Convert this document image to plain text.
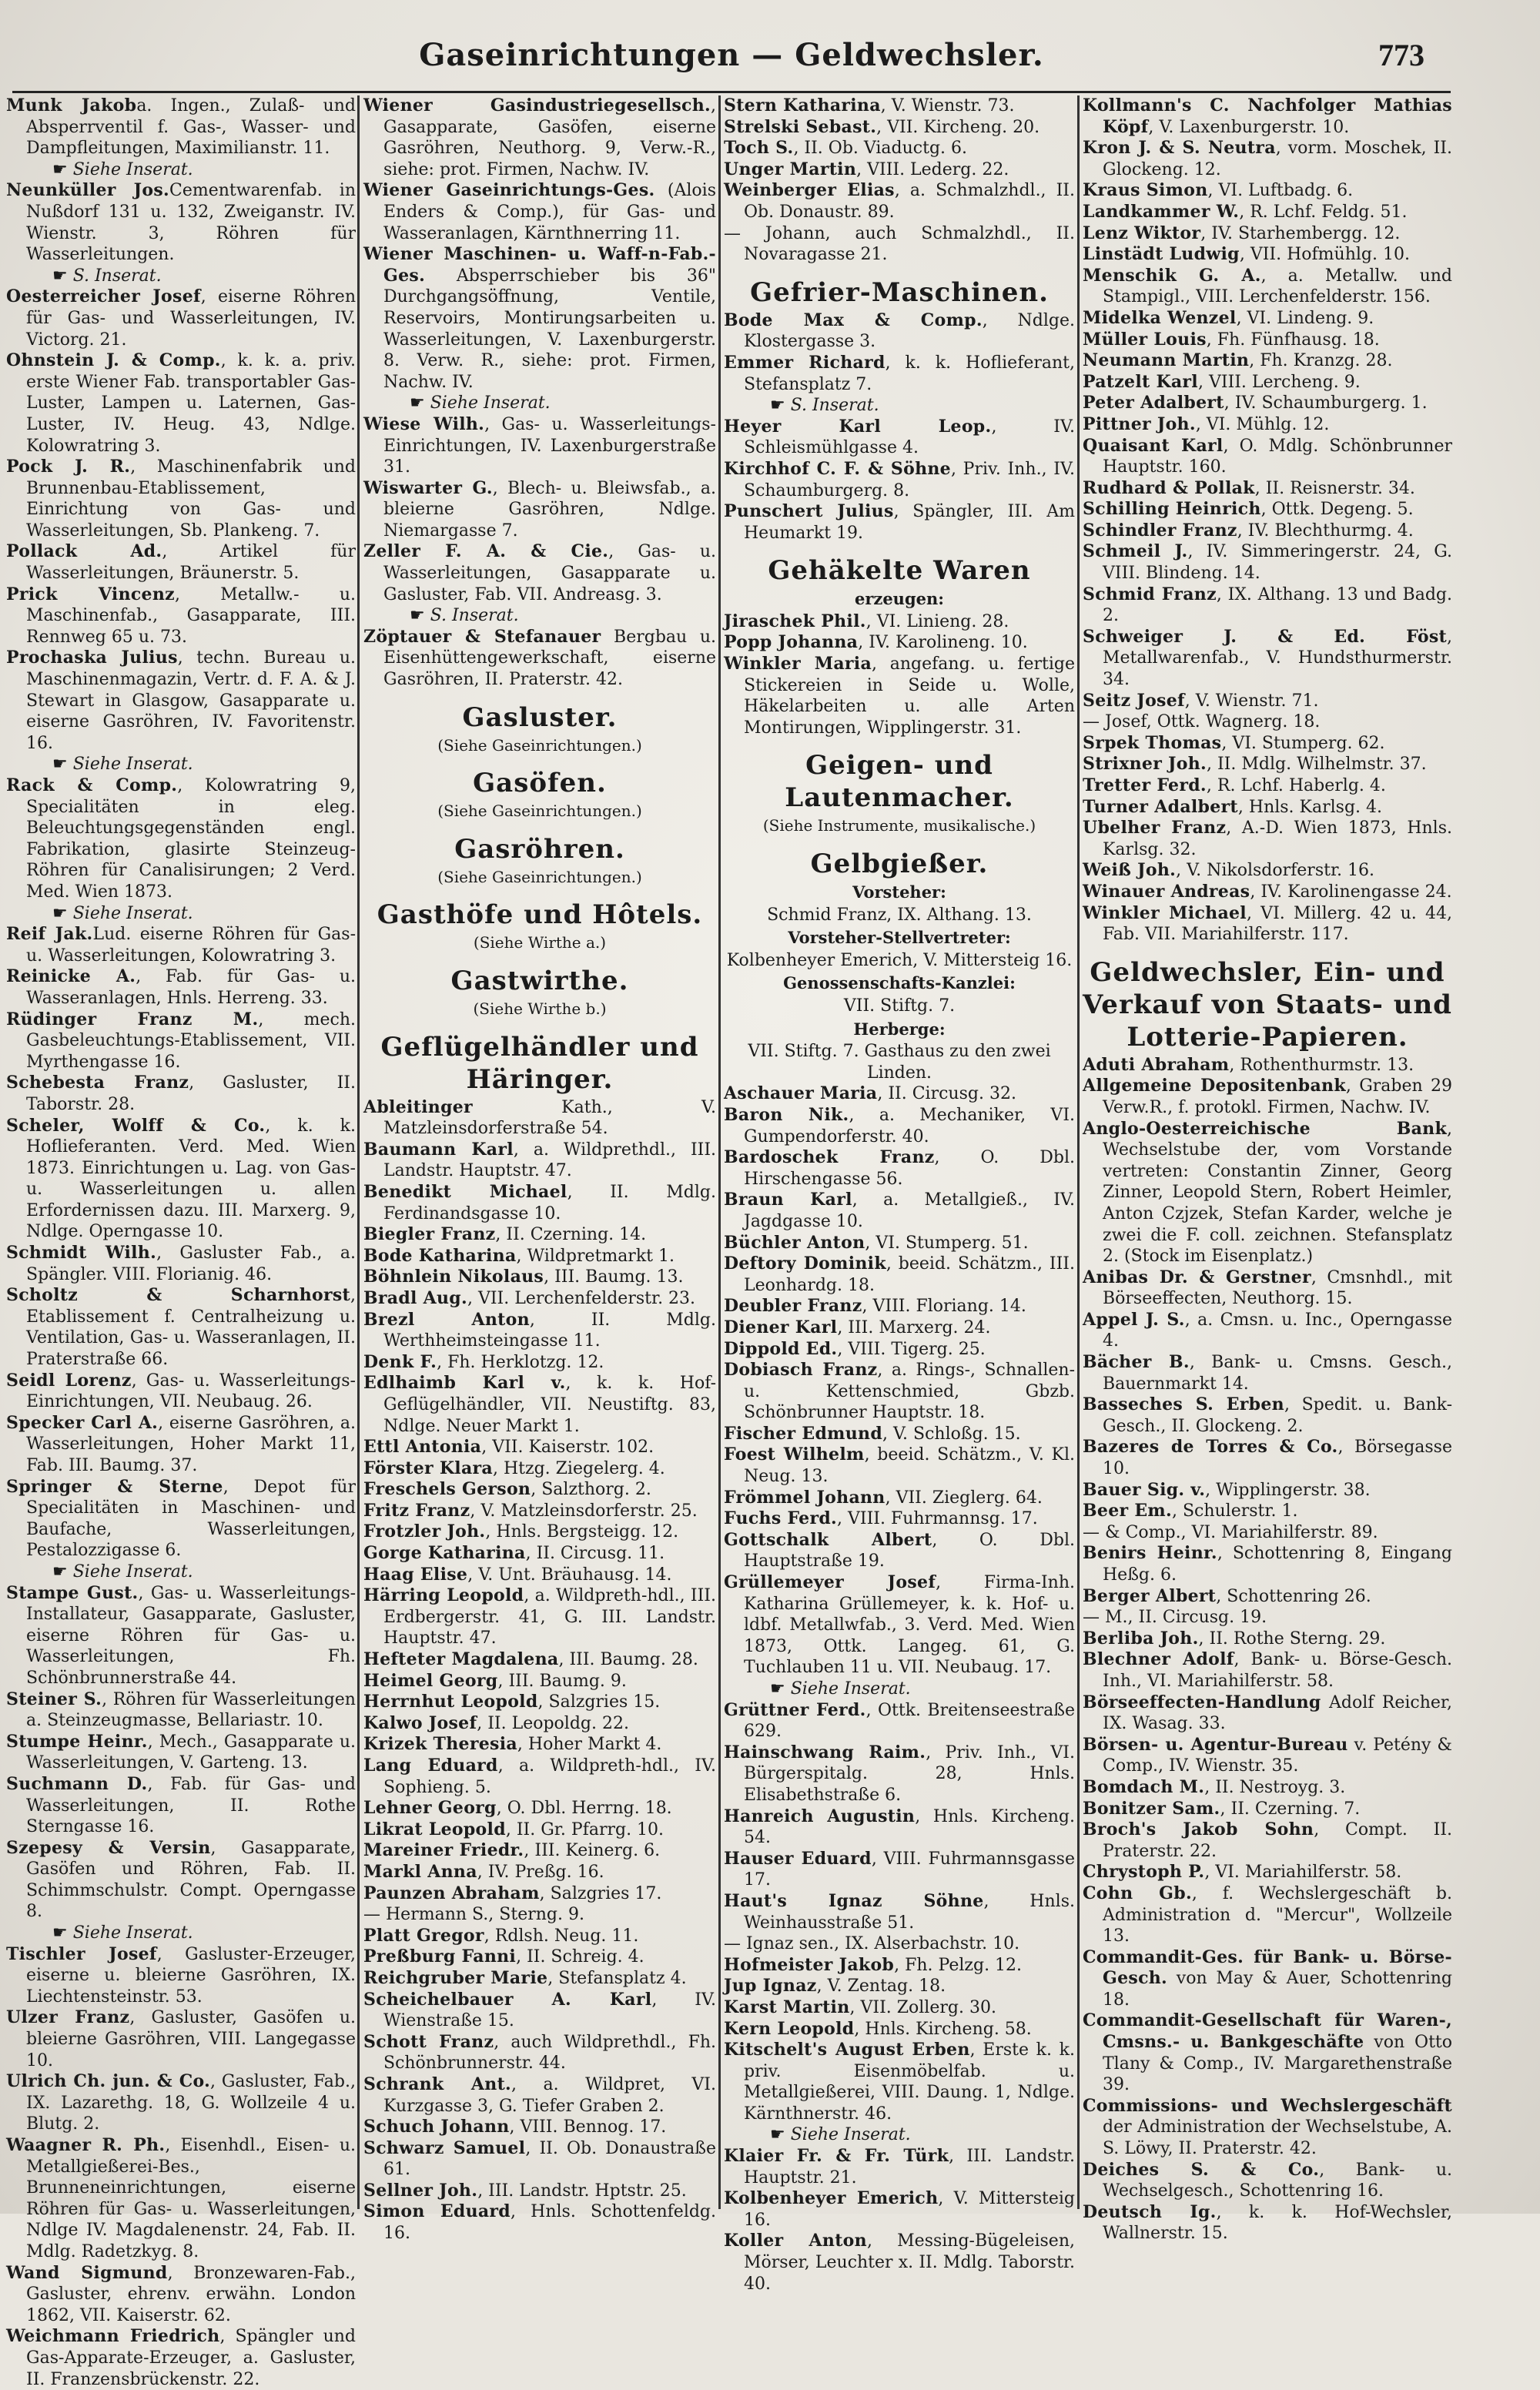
Gaseinrichtungen — Geldwechsler.	773

Munk Jakoba. Ingen., Zulaß- und Absperrventil f. Gas-, Wasser- und Dampfleitungen, Maximilianstr. 11.

☛ Siehe Inserat.

Neunküller Jos.Cementwarenfab. in Nußdorf 131 u. 132, Zweiganstr. IV. Wienstr. 3, Röhren für Wasserleitungen.

☛ S. Inserat.

Oesterreicher Josef, eiserne Röhren für Gas- und Wasserleitungen, IV. Victorg. 21.

Ohnstein J. & Comp., k. k. a. priv. erste Wiener Fab. transportabler Gas-Luster, Lampen u. Laternen, Gas-Luster, IV. Heug. 43, Ndlge. Kolowratring 3.

Pock J. R., Maschinenfabrik und Brunnenbau-Etablissement, Einrichtung von Gas- und Wasserleitungen, Sb. Plankeng. 7.

Pollack Ad., Artikel für Wasserleitungen, Bräunerstr. 5.

Prick Vincenz, Metallw.- u. Maschinenfab., Gasapparate, III. Rennweg 65 u. 73.

Prochaska Julius, techn. Bureau u. Maschinenmagazin, Vertr. d. F. A. & J. Stewart in Glasgow, Gasapparate u. eiserne Gasröhren, IV. Favoritenstr. 16.

☛ Siehe Inserat.

Rack & Comp., Kolowratring 9, Specialitäten in eleg. Beleuchtungsgegenständen engl. Fabrikation, glasirte Steinzeug-Röhren für Canalisirungen; 2 Verd. Med. Wien 1873.

☛ Siehe Inserat.

Reif Jak.Lud. eiserne Röhren für Gas- u. Wasserleitungen, Kolowratring 3.

Reinicke A., Fab. für Gas- u. Wasseranlagen, Hnls. Herreng. 33.

Rüdinger Franz M., mech. Gasbeleuchtungs-Etablissement, VII. Myrthengasse 16.

Schebesta Franz, Gasluster, II. Taborstr. 28.

Scheler, Wolff & Co., k. k. Hoflieferanten. Verd. Med. Wien 1873. Einrichtungen u. Lag. von Gas- u. Wasserleitungen u. allen Erfordernissen dazu. III. Marxerg. 9, Ndlge. Operngasse 10.

Schmidt Wilh., Gasluster Fab., a. Spängler. VIII. Florianig. 46.

Scholtz & Scharnhorst, Etablissement f. Centralheizung u. Ventilation, Gas- u. Wasseranlagen, II. Praterstraße 66.

Seidl Lorenz, Gas- u. Wasserleitungs-Einrichtungen, VII. Neubaug. 26.

Specker Carl A., eiserne Gasröhren, a. Wasserleitungen, Hoher Markt 11, Fab. III. Baumg. 37.

Springer & Sterne, Depot für Specialitäten in Maschinen- und Baufache, Wasserleitungen, Pestalozzigasse 6.

☛ Siehe Inserat.

Stampe Gust., Gas- u. Wasserleitungs-Installateur, Gasapparate, Gasluster, eiserne Röhren für Gas- u. Wasserleitungen, Fh. Schönbrunnerstraße 44.

Steiner S., Röhren für Wasserleitungen a. Steinzeugmasse, Bellariastr. 10.

Stumpe Heinr., Mech., Gasapparate u. Wasserleitungen, V. Garteng. 13.

Suchmann D., Fab. für Gas- und Wasserleitungen, II. Rothe Sterngasse 16.

Szepesy & Versin, Gasapparate, Gasöfen und Röhren, Fab. II. Schimmschulstr. Compt. Operngasse 8.

☛ Siehe Inserat.

Tischler Josef, Gasluster-Erzeuger, eiserne u. bleierne Gasröhren, IX. Liechtensteinstr. 53.

Ulzer Franz, Gasluster, Gasöfen u. bleierne Gasröhren, VIII. Langegasse 10.

Ulrich Ch. jun. & Co., Gasluster, Fab., IX. Lazarethg. 18, G. Wollzeile 4 u. Blutg. 2.

Waagner R. Ph., Eisenhdl., Eisen- u. Metallgießerei-Bes., Brunneneinrichtungen, eiserne Röhren für Gas- u. Wasserleitungen, Ndlge IV. Magdalenenstr. 24, Fab. II. Mdlg. Radetzkyg. 8.

Wand Sigmund, Bronzewaren-Fab., Gasluster, ehrenv. erwähn. London 1862, VII. Kaiserstr. 62.

Weichmann Friedrich, Spängler und Gas-Apparate-Erzeuger, a. Gasluster, II. Franzensbrückenstr. 22.

Wiener Gasindustriegesellsch., Gasapparate, Gasöfen, eiserne Gasröhren, Neuthorg. 9, Verw.-R., siehe: prot. Firmen, Nachw. IV.

Wiener Gaseinrichtungs-Ges. (Alois Enders & Comp.), für Gas- und Wasseranlagen, Kärnthnerring 11.

Wiener Maschinen- u. Waff-n-Fab.-Ges. Absperrschieber bis 36" Durchgangsöffnung, Ventile, Reservoirs, Montirungsarbeiten u. Wasserleitungen, V. Laxenburgerstr. 8. Verw. R., siehe: prot. Firmen, Nachw. IV.

☛ Siehe Inserat.

Wiese Wilh., Gas- u. Wasserleitungs-Einrichtungen, IV. Laxenburgerstraße 31.

Wiswarter G., Blech- u. Bleiwsfab., a. bleierne Gasröhren, Ndlge. Niemargasse 7.

Zeller F. A. & Cie., Gas- u. Wasserleitungen, Gasapparate u. Gasluster, Fab. VII. Andreasg. 3.

☛ S. Inserat.

Zöptauer & Stefanauer Bergbau u. Eisenhüttengewerkschaft, eiserne Gasröhren, II. Praterstr. 42.

Gasluster.
(Siehe Gaseinrichtungen.)
Gasöfen.
(Siehe Gaseinrichtungen.)
Gasröhren.
(Siehe Gaseinrichtungen.)
Gasthöfe und Hôtels.
(Siehe Wirthe a.)
Gastwirthe.
(Siehe Wirthe b.)
Geflügelhändler und Häringer.

Ableitinger Kath., V. Matzleinsdorferstraße 54.

Baumann Karl, a. Wildprethdl., III. Landstr. Hauptstr. 47.

Benedikt Michael, II. Mdlg. Ferdinandsgasse 10.

Biegler Franz, II. Czerning. 14.

Bode Katharina, Wildpretmarkt 1.

Böhnlein Nikolaus, III. Baumg. 13.

Bradl Aug., VII. Lerchenfelderstr. 23.

Brezl Anton, II. Mdlg. Werthheimsteingasse 11.

Denk F., Fh. Herklotzg. 12.

Edlhaimb Karl v., k. k. Hof-Geflügelhändler, VII. Neustiftg. 83, Ndlge. Neuer Markt 1.

Ettl Antonia, VII. Kaiserstr. 102.

Förster Klara, Htzg. Ziegelerg. 4.

Freschels Gerson, Salzthorg. 2.

Fritz Franz, V. Matzleinsdorferstr. 25.

Frotzler Joh., Hnls. Bergsteigg. 12.

Gorge Katharina, II. Circusg. 11.

Haag Elise, V. Unt. Bräuhausg. 14.

Härring Leopold, a. Wildpreth-hdl., III. Erdbergerstr. 41, G. III. Landstr. Hauptstr. 47.

Hefteter Magdalena, III. Baumg. 28.

Heimel Georg, III. Baumg. 9.

Herrnhut Leopold, Salzgries 15.

Kalwo Josef, II. Leopoldg. 22.

Krizek Theresia, Hoher Markt 4.

Lang Eduard, a. Wildpreth-hdl., IV. Sophieng. 5.

Lehner Georg, O. Dbl. Herrng. 18.

Likrat Leopold, II. Gr. Pfarrg. 10.

Mareiner Friedr., III. Keinerg. 6.

Markl Anna, IV. Preßg. 16.

Paunzen Abraham, Salzgries 17.

— Hermann S., Sterng. 9.

Platt Gregor, Rdlsh. Neug. 11.

Preßburg Fanni, II. Schreig. 4.

Reichgruber Marie, Stefansplatz 4.

Scheichelbauer A. Karl, IV. Wienstraße 15.

Schott Franz, auch Wildprethdl., Fh. Schönbrunnerstr. 44.

Schrank Ant., a. Wildpret, VI. Kurzgasse 3, G. Tiefer Graben 2.

Schuch Johann, VIII. Bennog. 17.

Schwarz Samuel, II. Ob. Donaustraße 61.

Sellner Joh., III. Landstr. Hptstr. 25.

Simon Eduard, Hnls. Schottenfeldg. 16.

Stern Katharina, V. Wienstr. 73.

Strelski Sebast., VII. Kircheng. 20.

Toch S., II. Ob. Viaductg. 6.

Unger Martin, VIII. Lederg. 22.

Weinberger Elias, a. Schmalzhdl., II. Ob. Donaustr. 89.

— Johann, auch Schmalzhdl., II. Novaragasse 21.

Gefrier-Maschinen.

Bode Max & Comp., Ndlge. Klostergasse 3.

Emmer Richard, k. k. Hoflieferant, Stefansplatz 7.

☛ S. Inserat.

Heyer Karl Leop., IV. Schleismühlgasse 4.

Kirchhof C. F. & Söhne, Priv. Inh., IV. Schaumburgerg. 8.

Punschert Julius, Spängler, III. Am Heumarkt 19.

Gehäkelte Waren
erzeugen:

Jiraschek Phil., VI. Linieng. 28.

Popp Johanna, IV. Karolineng. 10.

Winkler Maria, angefang. u. fertige Stickereien in Seide u. Wolle, Häkelarbeiten u. alle Arten Montirungen, Wipplingerstr. 31.

Geigen- und Lautenmacher.
(Siehe Instrumente, musikalische.)
Gelbgießer.
Vorsteher:

Schmid Franz, IX. Althang. 13.

Vorsteher-Stellvertreter:

Kolbenheyer Emerich, V. Mittersteig 16.

Genossenschafts-Kanzlei:

VII. Stiftg. 7.

Herberge:

VII. Stiftg. 7. Gasthaus zu den zwei Linden.

Aschauer Maria, II. Circusg. 32.

Baron Nik., a. Mechaniker, VI. Gumpendorferstr. 40.

Bardoschek Franz, O. Dbl. Hirschengasse 56.

Braun Karl, a. Metallgieß., IV. Jagdgasse 10.

Büchler Anton, VI. Stumperg. 51.

Deftory Dominik, beeid. Schätzm., III. Leonhardg. 18.

Deubler Franz, VIII. Floriang. 14.

Diener Karl, III. Marxerg. 24.

Dippold Ed., VIII. Tigerg. 25.

Dobiasch Franz, a. Rings-, Schnallen- u. Kettenschmied, Gbzb. Schönbrunner Hauptstr. 18.

Fischer Edmund, V. Schloßg. 15.

Foest Wilhelm, beeid. Schätzm., V. Kl. Neug. 13.

Frömmel Johann, VII. Zieglerg. 64.

Fuchs Ferd., VIII. Fuhrmannsg. 17.

Gottschalk Albert, O. Dbl. Hauptstraße 19.

Grüllemeyer Josef, Firma-Inh. Katharina Grüllemeyer, k. k. Hof- u. ldbf. Metallwfab., 3. Verd. Med. Wien 1873, Ottk. Langeg. 61, G. Tuchlauben 11 u. VII. Neubaug. 17.

☛ Siehe Inserat.

Grüttner Ferd., Ottk. Breitenseestraße 629.

Hainschwang Raim., Priv. Inh., VI. Bürgerspitalg. 28, Hnls. Elisabethstraße 6.

Hanreich Augustin, Hnls. Kircheng. 54.

Hauser Eduard, VIII. Fuhrmannsgasse 17.

Haut's Ignaz Söhne, Hnls. Weinhausstraße 51.

— Ignaz sen., IX. Alserbachstr. 10.

Hofmeister Jakob, Fh. Pelzg. 12.

Jup Ignaz, V. Zentag. 18.

Karst Martin, VII. Zollerg. 30.

Kern Leopold, Hnls. Kircheng. 58.

Kitschelt's August Erben, Erste k. k. priv. Eisenmöbelfab. u. Metallgießerei, VIII. Daung. 1, Ndlge. Kärnthnerstr. 46.

☛ Siehe Inserat.

Klaier Fr. & Fr. Türk, III. Landstr. Hauptstr. 21.

Kolbenheyer Emerich, V. Mittersteig 16.

Koller Anton, Messing-Bügeleisen, Mörser, Leuchter x. II. Mdlg. Taborstr. 40.

Kollmann's C. Nachfolger Mathias Köpf, V. Laxenburgerstr. 10.

Kron J. & S. Neutra, vorm. Moschek, II. Glockeng. 12.

Kraus Simon, VI. Luftbadg. 6.

Landkammer W., R. Lchf. Feldg. 51.

Lenz Wiktor, IV. Starhembergg. 12.

Linstädt Ludwig, VII. Hofmühlg. 10.

Menschik G. A., a. Metallw. und Stampigl., VIII. Lerchenfelderstr. 156.

Midelka Wenzel, VI. Lindeng. 9.

Müller Louis, Fh. Fünfhausg. 18.

Neumann Martin, Fh. Kranzg. 28.

Patzelt Karl, VIII. Lercheng. 9.

Peter Adalbert, IV. Schaumburgerg. 1.

Pittner Joh., VI. Mühlg. 12.

Quaisant Karl, O. Mdlg. Schönbrunner Hauptstr. 160.

Rudhard & Pollak, II. Reisnerstr. 34.

Schilling Heinrich, Ottk. Degeng. 5.

Schindler Franz, IV. Blechthurmg. 4.

Schmeil J., IV. Simmeringerstr. 24, G. VIII. Blindeng. 14.

Schmid Franz, IX. Althang. 13 und Badg. 2.

Schweiger J. & Ed. Föst, Metallwarenfab., V. Hundsthurmerstr. 34.

Seitz Josef, V. Wienstr. 71.

— Josef, Ottk. Wagnerg. 18.

Srpek Thomas, VI. Stumperg. 62.

Strixner Joh., II. Mdlg. Wilhelmstr. 37.

Tretter Ferd., R. Lchf. Haberlg. 4.

Turner Adalbert, Hnls. Karlsg. 4.

Ubelher Franz, A.-D. Wien 1873, Hnls. Karlsg. 32.

Weiß Joh., V. Nikolsdorferstr. 16.

Winauer Andreas, IV. Karolinengasse 24.

Winkler Michael, VI. Millerg. 42 u. 44, Fab. VII. Mariahilferstr. 117.

Geldwechsler, Ein- und Verkauf von Staats- und Lotterie-Papieren.

Aduti Abraham, Rothenthurmstr. 13.

Allgemeine Depositenbank, Graben 29 Verw.R., f. protokl. Firmen, Nachw. IV.

Anglo-Oesterreichische Bank, Wechselstube der, vom Vorstande vertreten: Constantin Zinner, Georg Zinner, Leopold Stern, Robert Heimler, Anton Czjzek, Stefan Karder, welche je zwei die F. coll. zeichnen. Stefansplatz 2. (Stock im Eisenplatz.)

Anibas Dr. & Gerstner, Cmsnhdl., mit Börseeffecten, Neuthorg. 15.

Appel J. S., a. Cmsn. u. Inc., Operngasse 4.

Bächer B., Bank- u. Cmsns. Gesch., Bauernmarkt 14.

Basseches S. Erben, Spedit. u. Bank-Gesch., II. Glockeng. 2.

Bazeres de Torres & Co., Börsegasse 10.

Bauer Sig. v., Wipplingerstr. 38.

Beer Em., Schulerstr. 1.

— & Comp., VI. Mariahilferstr. 89.

Benirs Heinr., Schottenring 8, Eingang Heßg. 6.

Berger Albert, Schottenring 26.

— M., II. Circusg. 19.

Berliba Joh., II. Rothe Sterng. 29.

Blechner Adolf, Bank- u. Börse-Gesch. Inh., VI. Mariahilferstr. 58.

Börseeffecten-Handlung Adolf Reicher, IX. Wasag. 33.

Börsen- u. Agentur-Bureau v. Petény & Comp., IV. Wienstr. 35.

Bomdach M., II. Nestroyg. 3.

Bonitzer Sam., II. Czerning. 7.

Broch's Jakob Sohn, Compt. II. Praterstr. 22.

Chrystoph P., VI. Mariahilferstr. 58.

Cohn Gb., f. Wechslergeschäft b. Administration d. "Mercur", Wollzeile 13.

Commandit-Ges. für Bank- u. Börse-Gesch. von May & Auer, Schottenring 18.

Commandit-Gesellschaft für Waren-, Cmsns.- u. Bankgeschäfte von Otto Tlany & Comp., IV. Margarethenstraße 39.

Commissions- und Wechslergeschäft der Administration der Wechselstube, A. S. Löwy, II. Praterstr. 42.

Deiches S. & Co., Bank- u. Wechselgesch., Schottenring 16.

Deutsch Ig., k. k. Hof-Wechsler, Wallnerstr. 15.
